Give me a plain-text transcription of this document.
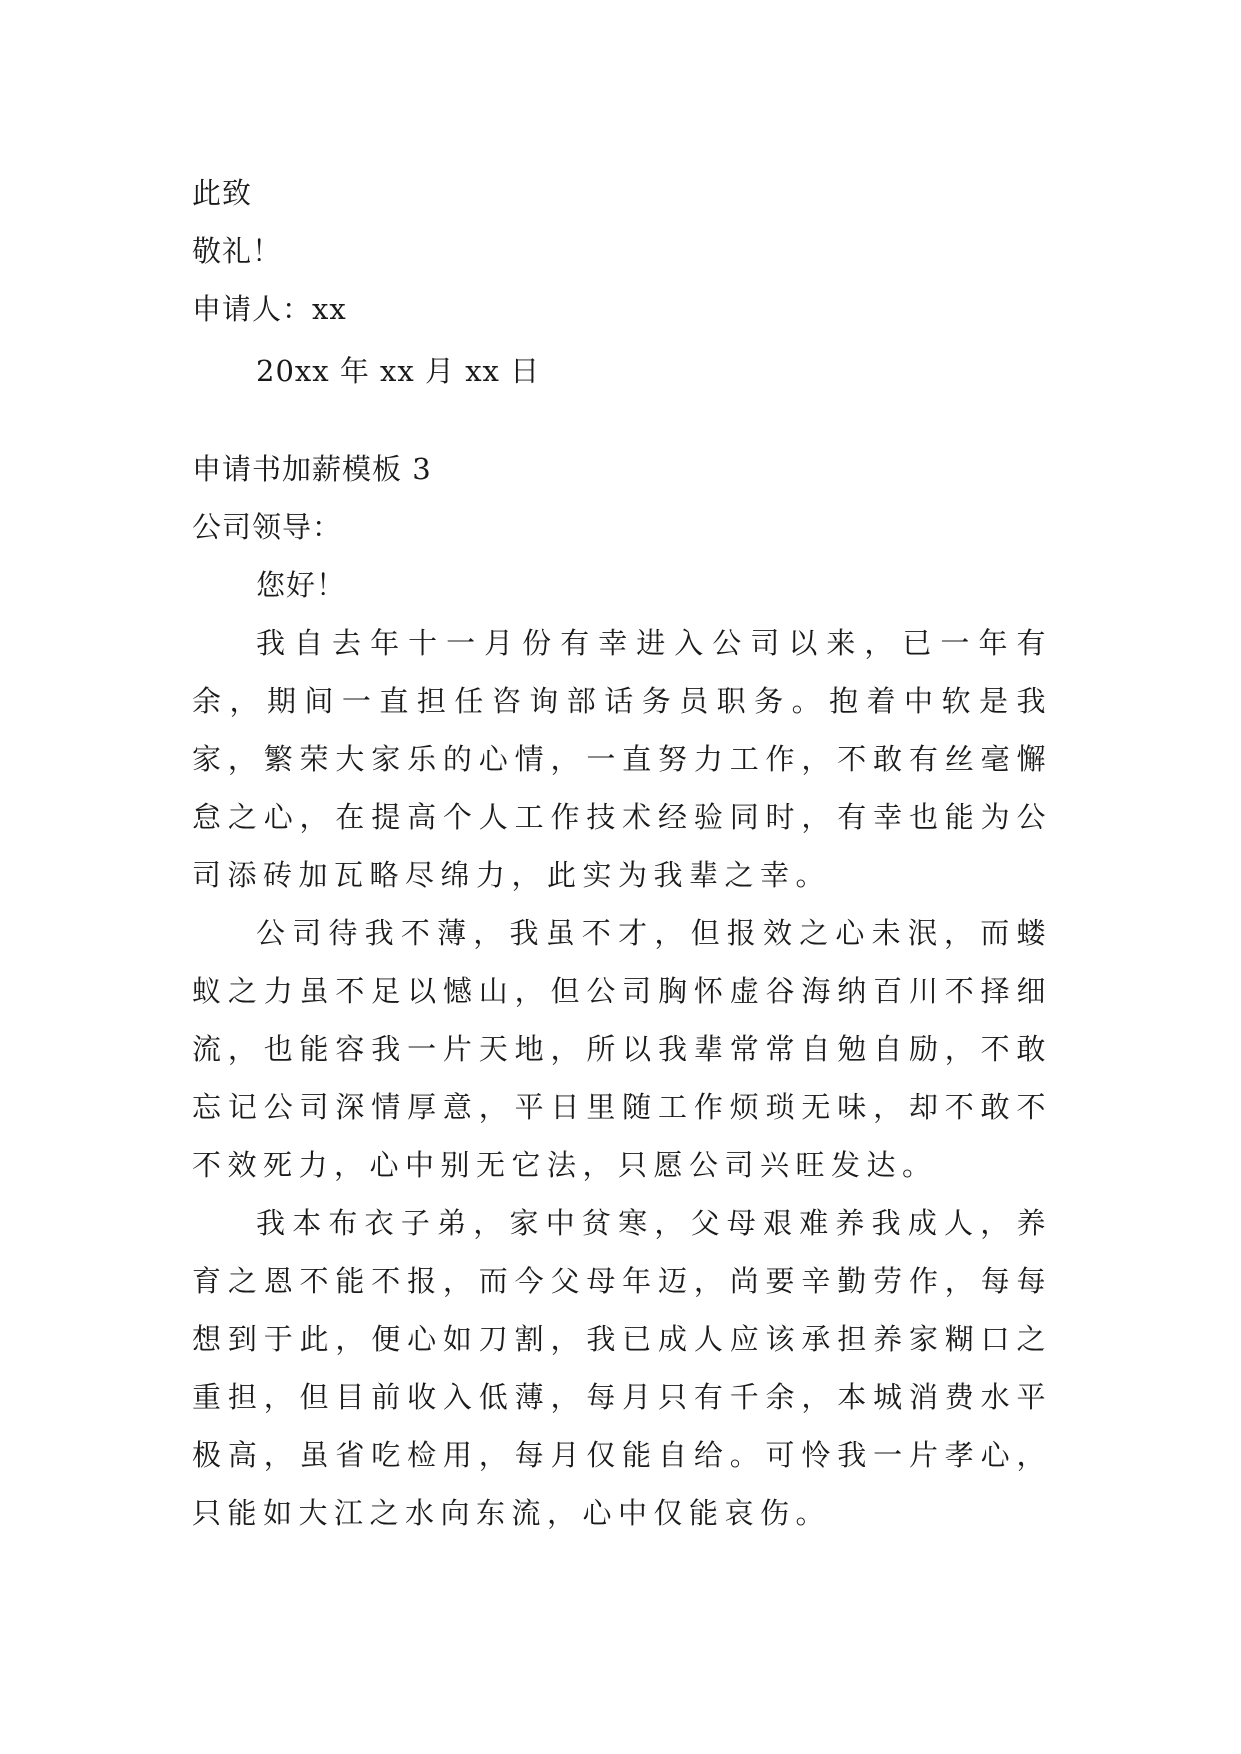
此致
敬礼！
申请人：xx
20xx 年 xx 月 xx 日

申请书加薪模板 3

公司领导：

您好！

我自去年十一月份有幸进入公司以来，已一年有余，期间一直担任咨询部话务员职务。抱着中软是我家，繁荣大家乐的心情，一直努力工作，不敢有丝毫懈怠之心，在提高个人工作技术经验同时，有幸也能为公司添砖加瓦略尽绵力，此实为我辈之幸。

公司待我不薄，我虽不才，但报效之心未泯，而蝼蚁之力虽不足以憾山，但公司胸怀虚谷海纳百川不择细流，也能容我一片天地，所以我辈常常自勉自励，不敢忘记公司深情厚意，平日里随工作烦琐无味，却不敢不不效死力，心中别无它法，只愿公司兴旺发达。

我本布衣子弟，家中贫寒，父母艰难养我成人，养育之恩不能不报，而今父母年迈，尚要辛勤劳作，每每想到于此，便心如刀割，我已成人应该承担养家糊口之重担，但目前收入低薄，每月只有千余，本城消费水平极高，虽省吃检用，每月仅能自给。可怜我一片孝心，只能如大江之水向东流，心中仅能哀伤。
